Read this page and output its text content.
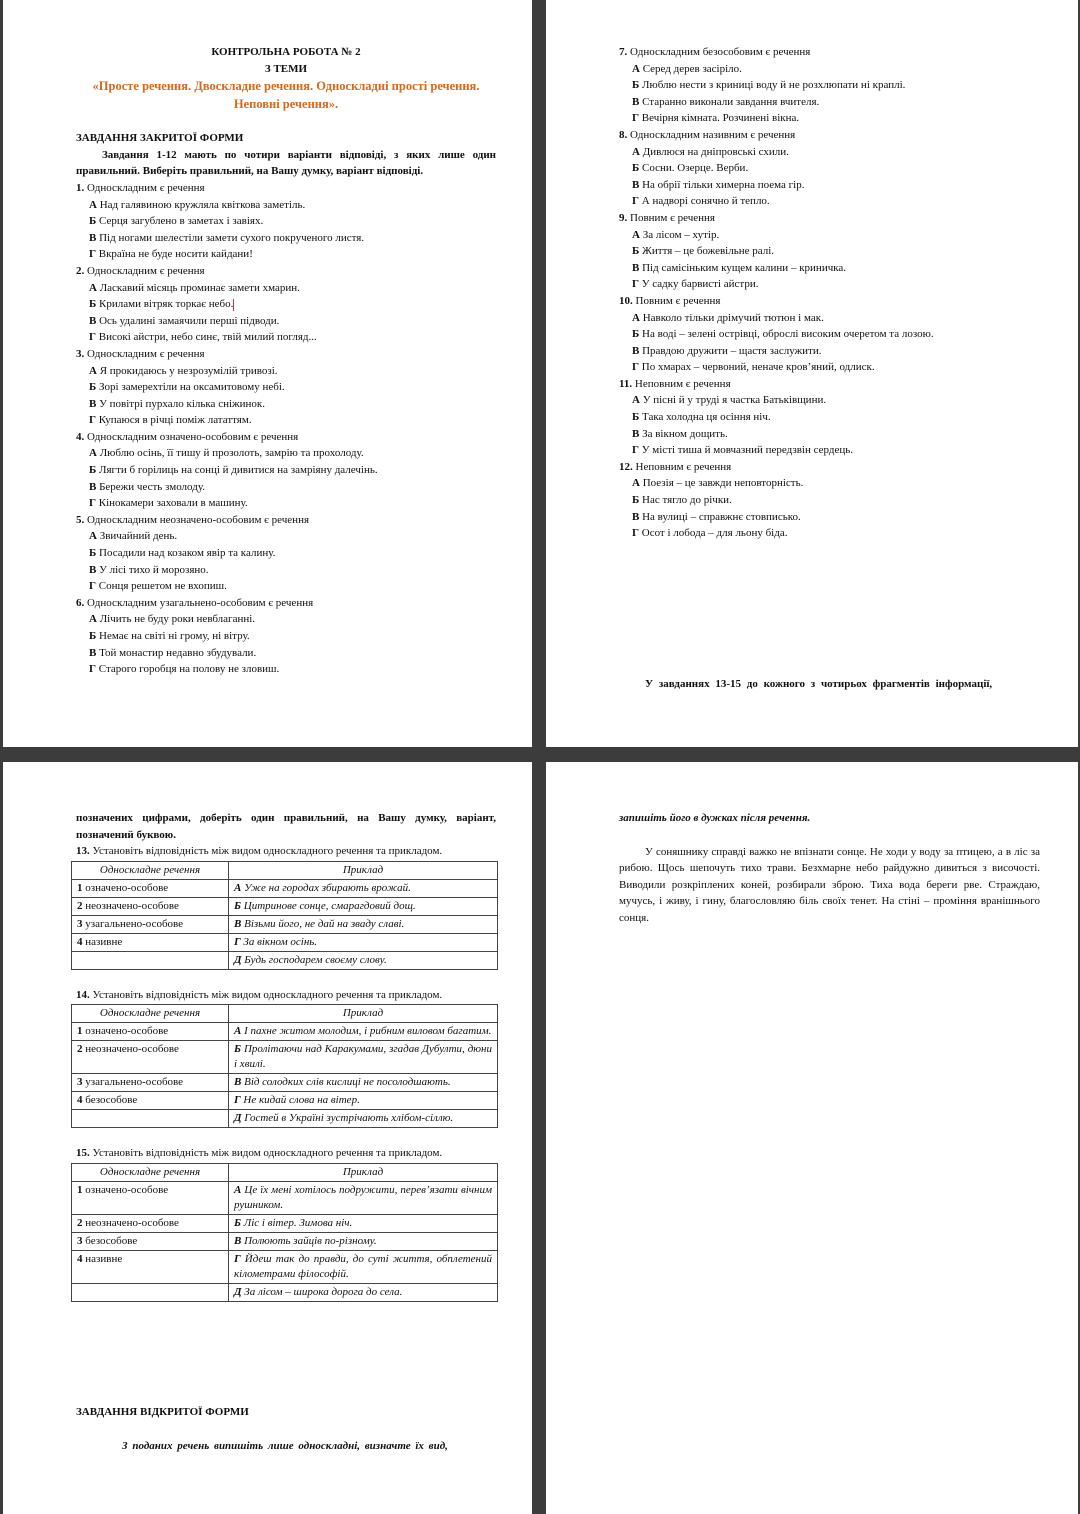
КОНТРОЛЬНА РОБОТА № 2
З ТЕМИ
«Просте речення. Двоскладне речення. Односкладні прості речення. Неповні речення».
ЗАВДАННЯ ЗАКРИТОЇ ФОРМИ
Завдання 1-12 мають по чотири варіанти відповіді, з яких лише один правильний. Виберіть правильний, на Вашу думку, варіант відповіді.
1. Односкладним є речення
А Над галявиною кружляла квіткова заметіль.
Б Серця загублено в заметах і завіях.
В Під ногами шелестіли замети сухого покрученого листя.
Г Вкраїна не буде носити кайдани!
2. Односкладним є речення
А Ласкавий місяць проминає замети хмарин.
Б Крилами вітряк торкає небо.
В Ось удалині замаячили перші підводи.
Г Високі айстри, небо синє, твій милий погляд...
3. Односкладним є речення
А Я прокидаюсь у незрозумілій тривозі.
Б Зорі замерехтіли на оксамитовому небі.
В У повітрі пурхало кілька сніжинок.
Г Купаюся в річці поміж лататтям.
4. Односкладним означено-особовим є речення
А Люблю осінь, її тишу й прозолоть, замрію та прохолоду.
Б Лягти б горілиць на сонці й дивитися на замріяну далечінь.
В Бережи честь змолоду.
Г Кінокамери заховали в машину.
5. Односкладним неозначено-особовим є речення
А Звичайний день.
Б Посадили над козаком явір та калину.
В У лісі тихо й морозяно.
Г Сонця решетом не вхопиш.
6. Односкладним узагальнено-особовим є речення
А Лічить не буду роки невблаганні.
Б Немає на світі ні грому, ні вітру.
В Той монастир недавно збудували.
Г Старого горобця на полову не зловиш.
7. Односкладним безособовим є речення
А Серед дерев засіріло.
Б Люблю нести з криниці воду й не розхлюпати ні краплі.
В Старанно виконали завдання вчителя.
Г Вечірня кімната. Розчинені вікна.
8. Односкладним називним є речення
А Дивлюся на дніпровські схили.
Б Сосни. Озерце. Верби.
В На обрії тільки химерна поема гір.
Г А надворі сонячно й тепло.
9. Повним є речення
А За лісом – хутір.
Б Життя – це божевільне ралі.
В Під самісіньким кущем калини – криничка.
Г У садку барвисті айстри.
10. Повним є речення
А Навколо тільки дрімучий тютюн і мак.
Б На воді – зелені острівці, оброслі високим очеретом та лозою.
В Правдою дружити – щастя заслужити.
Г По хмарах – червоний, неначе кров’яний, одлиск.
11. Неповним є речення
А У пісні й у труді я частка Батьківщини.
Б Така холодна ця осіння ніч.
В За вікном дощить.
Г У місті тиша й мовчазний передзвін сердець.
12. Неповним є речення
А Поезія – це завжди неповторність.
Б Нас тягло до річки.
В На вулиці – справжнє стовписько.
Г Осот і лобода – для льону біда.
У завданнях 13-15 до кожного з чотирьох фрагментів інформації,
позначених цифрами, доберіть один правильний, на Вашу думку, варіант, позначений буквою.
13. Установіть відповідність між видом односкладного речення та прикладом.
Односкладне речення	Приклад
1 означено-особове	А Уже на городах збирають врожай.
2 неозначено-особове	Б Цитринове сонце, смарагдовий дощ.
3 узагальнено-особове	В Візьми його, не дай на зваду славі.
4 називне	Г За вікном осінь.
	Д Будь господарем своєму слову.
14. Установіть відповідність між видом односкладного речення та прикладом.
Односкладне речення	Приклад
1 означено-особове	А І пахне житом молодим, і рибним виловом багатим.
2 неозначено-особове	Б Пролітаючи над Каракумами, згадав Дубулти, дюни і хвилі.
3 узагальнено-особове	В Від солодких слів кислиці не посолодшають.
4 безособове	Г Не кидай слова на вітер.
	Д Гостей в Україні зустрічають хлібом-сіллю.
15. Установіть відповідність між видом односкладного речення та прикладом.
Односкладне речення	Приклад
1 означено-особове	А Це їх мені хотілось подружити, перев’язати вічним рушником.
2 неозначено-особове	Б Ліс і вітер. Зимова ніч.
3 безособове	В Полюють зайців по-різному.
4 називне	Г Йдеш так до правди, до суті життя, обплетений кілометрами філософій.
	Д За лісом – широка дорога до села.
ЗАВДАННЯ ВІДКРИТОЇ ФОРМИ
З поданих речень випишіть лише односкладні, визначте їх вид,
запишіть його в дужках після речення.
У соняшнику справді важко не впізнати сонце. Не ходи у воду за птицею, а в ліс за рибою. Щось шепочуть тихо трави. Безхмарне небо райдужно дивиться з височості. Виводили розкріплених коней, розбирали зброю. Тиха вода береги рве. Страждаю, мучусь, і живу, і гину, благословляю біль своїх тенет. На стіні – проміння вранішнього сонця.
